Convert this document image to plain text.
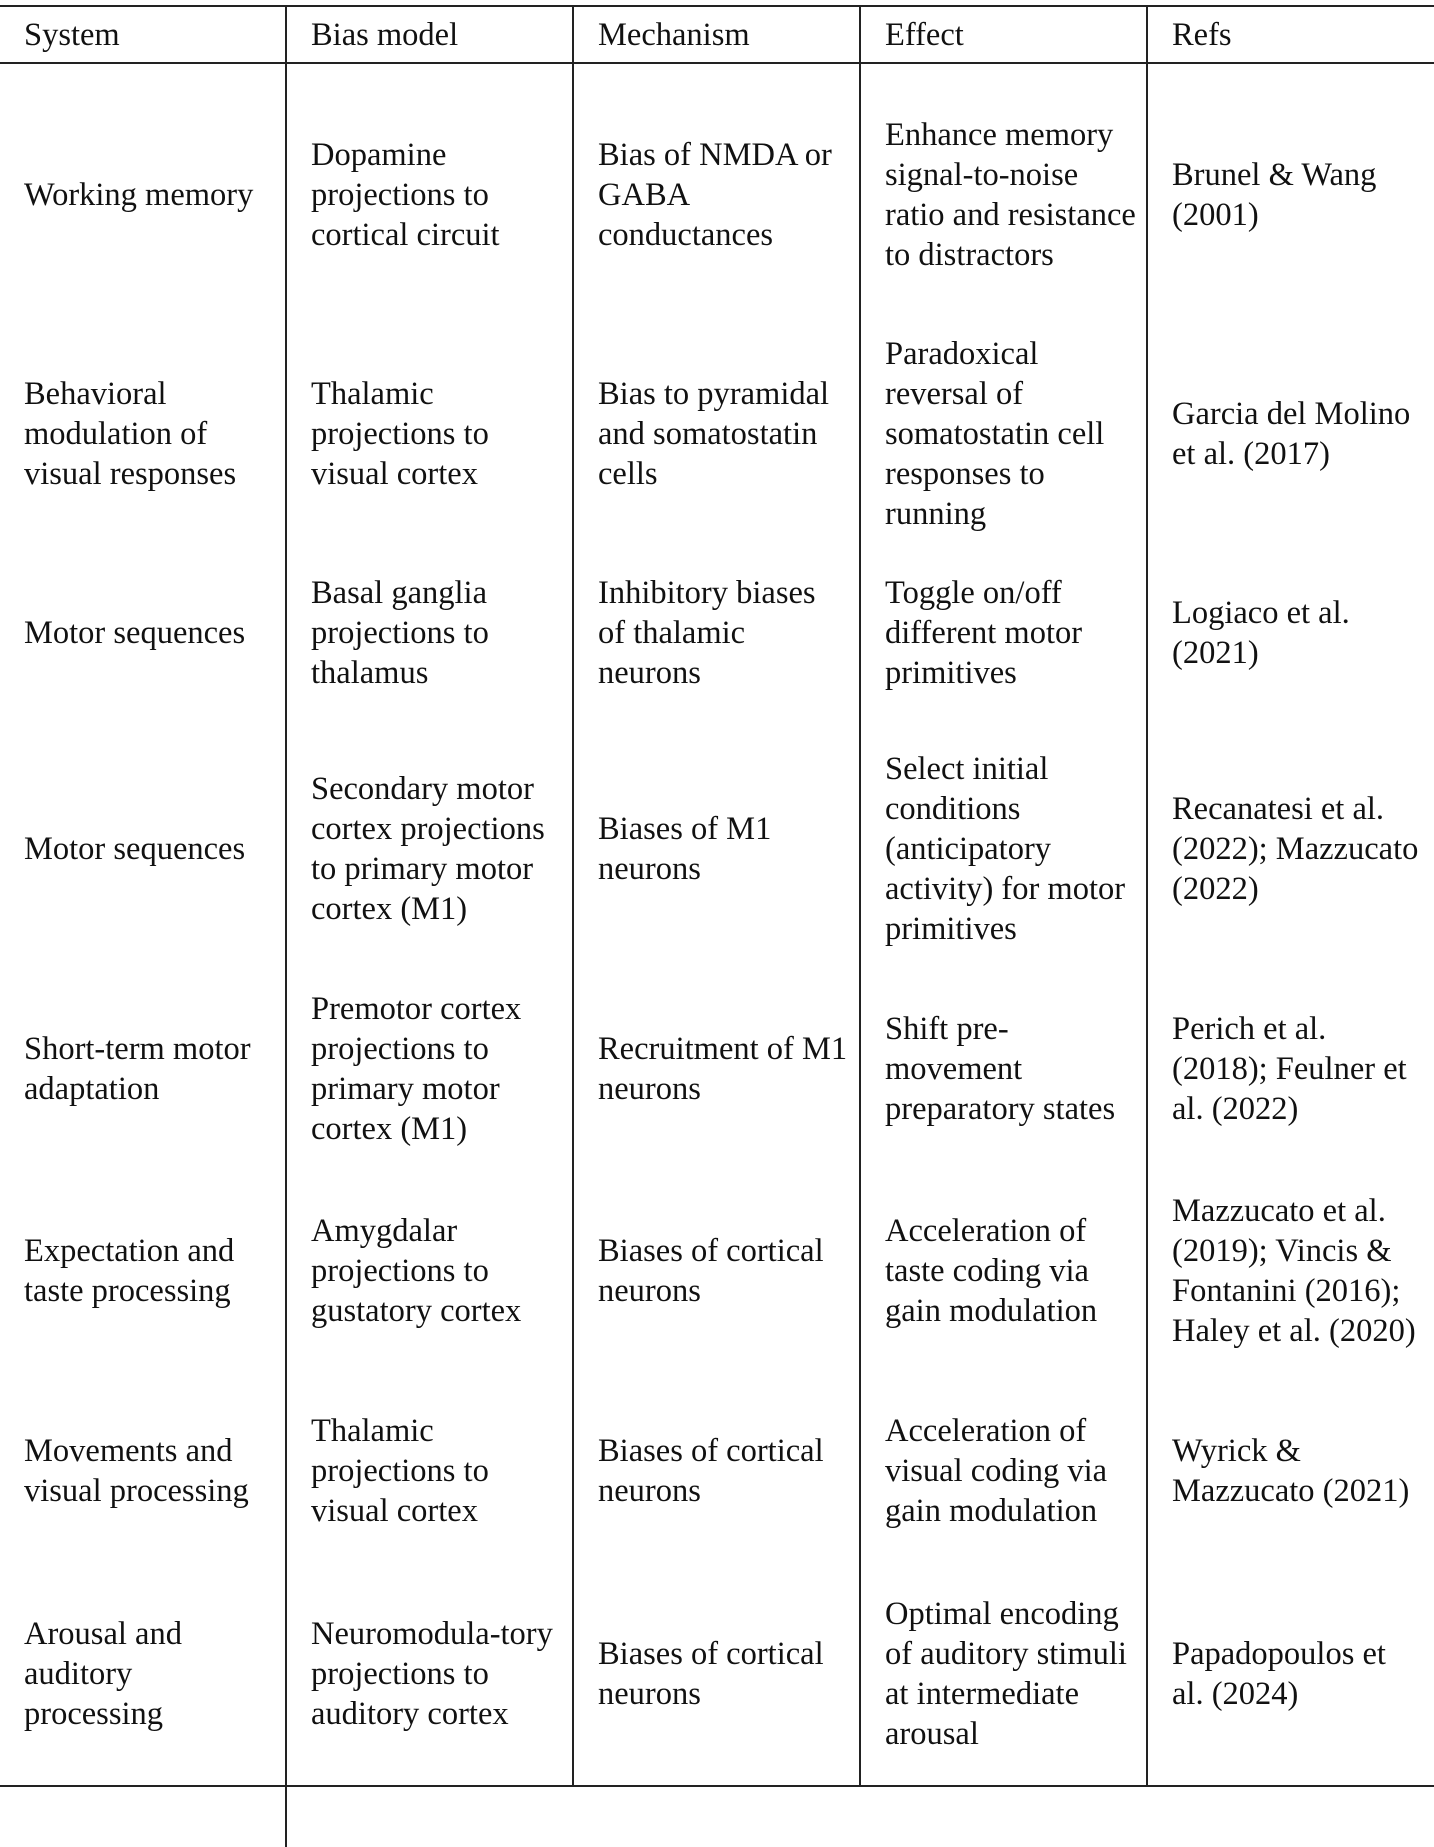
System	Bias model	Mechanism	Effect	Refs
Working memory	Dopamine projections to cortical circuit	Bias of NMDA or GABA conductances	Enhance memory signal-to-noise ratio and resistance to distractors	Brunel & Wang (2001)
Behavioral modulation of visual responses	Thalamic projections to visual cortex	Bias to pyramidal and somatostatin cells	Paradoxical reversal of somatostatin cell responses to running	Garcia del Molino et al. (2017)
Motor sequences	Basal ganglia projections to thalamus	Inhibitory biases of thalamic neurons	Toggle on/off different motor primitives	Logiaco et al. (2021)
Motor sequences	Secondary motor cortex projections to primary motor cortex (M1)	Biases of M1 neurons	Select initial conditions (anticipatory activity) for motor primitives	Recanatesi et al. (2022); Mazzucato (2022)
Short-term motor adaptation	Premotor cortex projections to primary motor cortex (M1)	Recruitment of M1 neurons	Shift pre-movement preparatory states	Perich et al. (2018); Feulner et al. (2022)
Expectation and taste processing	Amygdalar projections to gustatory cortex	Biases of cortical neurons	Acceleration of taste coding via gain modulation	Mazzucato et al. (2019); Vincis & Fontanini (2016); Haley et al. (2020)
Movements and visual processing	Thalamic projections to visual cortex	Biases of cortical neurons	Acceleration of visual coding via gain modulation	Wyrick & Mazzucato (2021)
Arousal and auditory processing	Neuromodula-tory projections to auditory cortex	Biases of cortical neurons	Optimal encoding of auditory stimuli at intermediate arousal	Papadopoulos et al. (2024)
